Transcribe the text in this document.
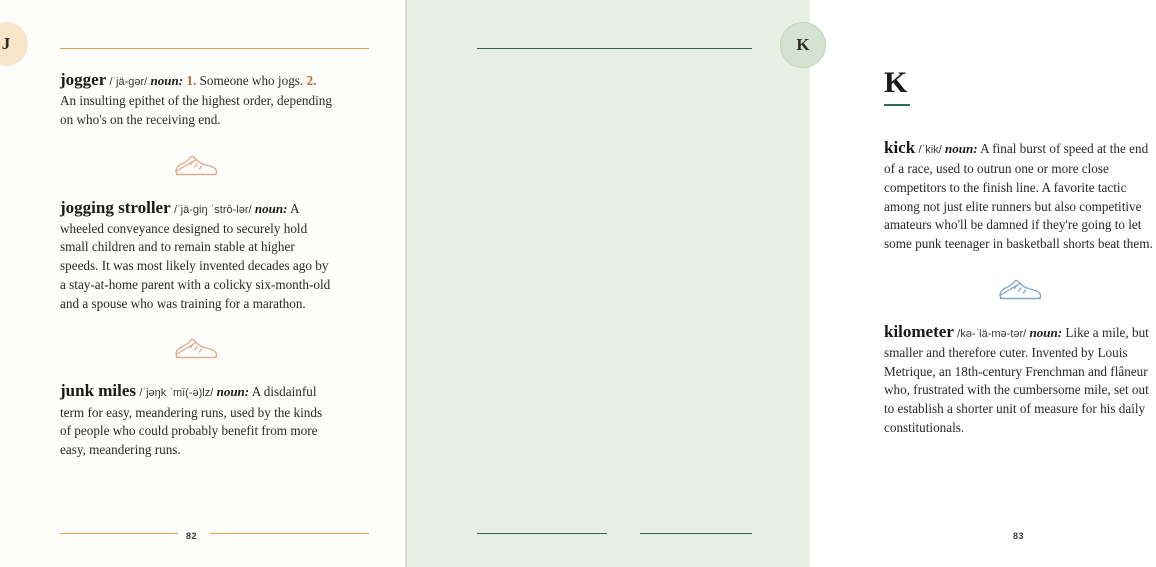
J

jogger /ˈjä-gər/ noun: 1. Someone who jogs. 2. An insulting epithet of the highest order, depending on who's on the receiving end.

jogging stroller /ˈjä-giŋ ˈstrō-lər/ noun: A wheeled conveyance designed to securely hold small children and to remain stable at higher speeds. It was most likely invented decades ago by a stay-at-home parent with a colicky six-month-old and a spouse who was training for a marathon.

junk miles /ˈjəŋk ˈmī(-ə)lz/ noun: A disdainful term for easy, meandering runs, used by the kinds of people who could probably benefit from more easy, meandering runs.

82
K
K

kick /ˈkik/ noun: A final burst of speed at the end of a race, used to outrun one or more close competitors to the finish line. A favorite tactic among not just elite runners but also competitive amateurs who'll be damned if they're going to let some punk teenager in basketball shorts beat them.

kilometer /kə-ˈlä-mə-tər/ noun: Like a mile, but smaller and therefore cuter. Invented by Louis Metrique, an 18th-century Frenchman and flâneur who, frustrated with the cumbersome mile, set out to establish a shorter unit of measure for his daily constitutionals.

83
